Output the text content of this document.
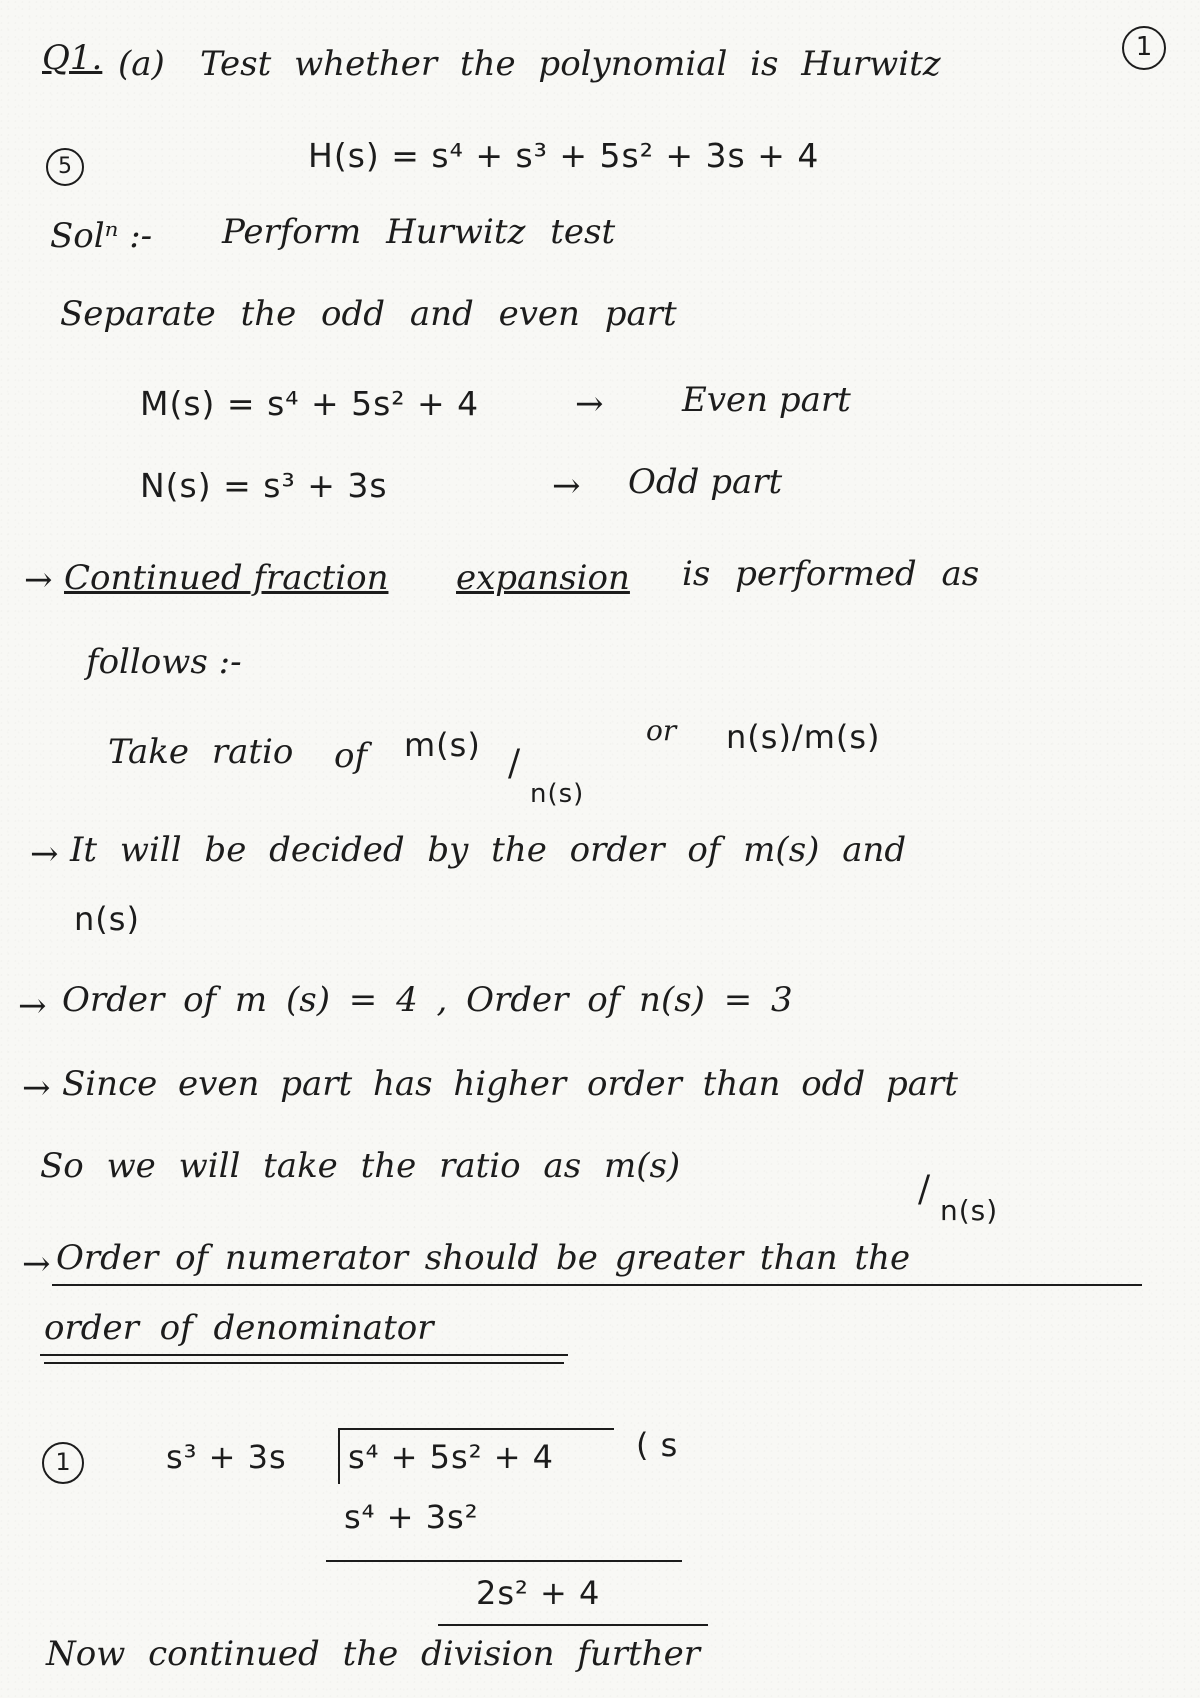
Q1. (a) Test whether the polynomial is Hurwitz	1
5	H(s) = s⁴ + s³ + 5s² + 3s + 4
Solⁿ :- Perform Hurwitz test
Separate the odd and even part
M(s) = s⁴ + 5s² + 4	→ Even part
N(s) = s³ + 3s	→ Odd part
→ Continued fraction expansion is performed as
follows :-
Take ratio of m(s) /
n(s)
or n(s)/m(s)
→ It will be decided by the order of m(s) and
n(s)
→ Order of m (s) = 4 , Order of n(s) = 3
→ Since even part has higher order than odd part
So we will take the ratio as m(s)
/
n(s)
→ Order of numerator should be greater than the
order of denominator
1	s³ + 3s s⁴ + 5s² + 4	( s
s⁴ + 3s²
2s² + 4
Now continued the division further
